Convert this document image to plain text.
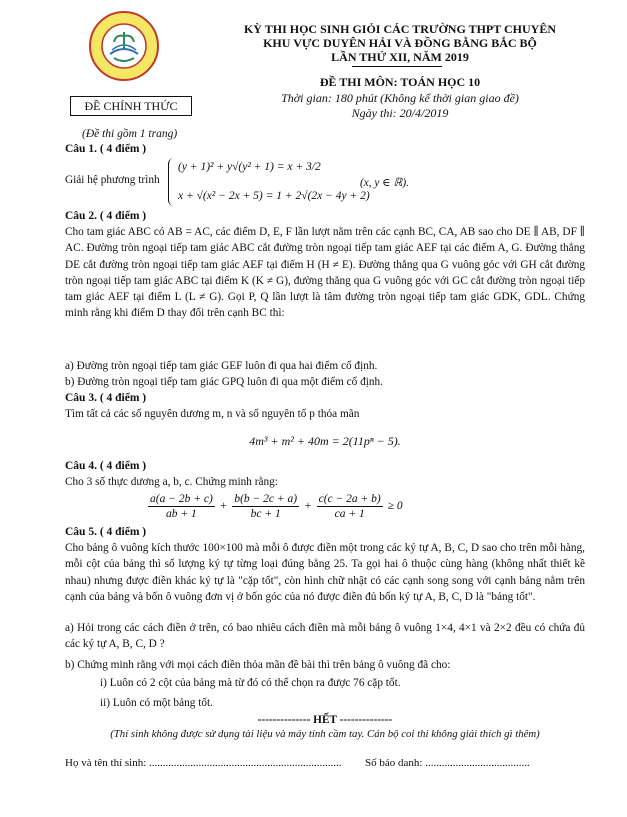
KỲ THI HỌC SINH GIỎI CÁC TRƯỜNG THPT CHUYÊN
KHU VỰC DUYÊN HẢI VÀ ĐỒNG BẰNG BẮC BỘ
LẦN THỨ XII, NĂM 2019
ĐỀ CHÍNH THỨC
ĐỀ THI MÔN: TOÁN HỌC 10
Thời gian: 180 phút (Không kể thời gian giao đề)
Ngày thi: 20/4/2019
(Đề thi gồm 1 trang)
Câu 1. ( 4 điểm )
Giải hệ phương trình
(y + 1)² + y√(y² + 1) = x + 3/2
x + √(x² − 2x + 5) = 1 + 2√(2x − 4y + 2)
(x, y ∈ ℝ).
Câu 2. ( 4 điểm )
Cho tam giác ABC có AB = AC, các điểm D, E, F lần lượt nằm trên các cạnh BC, CA, AB sao cho DE ∥ AB, DF ∥ AC. Đường tròn ngoại tiếp tam giác ABC cắt đường tròn ngoại tiếp tam giác AEF tại các điểm A, G. Đường thẳng DE cắt đường tròn ngoại tiếp tam giác AEF tại điểm H (H ≠ E). Đường thẳng qua G vuông góc với GH cắt đường tròn ngoại tiếp tam giác ABC tại điểm K (K ≠ G), đường thẳng qua G vuông góc với GC cắt đường tròn ngoại tiếp tam giác AEF tại điểm L (L ≠ G). Gọi P, Q lần lượt là tâm đường tròn ngoại tiếp tam giác GDK, GDL. Chứng minh rằng khi điểm D thay đổi trên cạnh BC thì:
a) Đường tròn ngoại tiếp tam giác GEF luôn đi qua hai điểm cố định.
b) Đường tròn ngoại tiếp tam giác GPQ luôn đi qua một điểm cố định.
Câu 3. ( 4 điểm )
Tìm tất cả các số nguyên dương m, n và số nguyên tố p thỏa mãn
4m³ + m² + 40m = 2(11pⁿ − 5).
Câu 4. ( 4 điểm )
Cho 3 số thực dương a, b, c. Chứng minh rằng:
$\frac{a(a - 2b + c)}{ab + 1} + \frac{b(b - 2c + a)}{bc + 1} + \frac{c(c - 2a + b)}{ca + 1} \ge 0$
Câu 5. ( 4 điểm )
Cho bảng ô vuông kích thước 100×100 mà mỗi ô được điền một trong các ký tự A, B, C, D sao cho trên mỗi hàng, mỗi cột của bảng thì số lượng ký tự từng loại đúng bằng 25. Ta gọi hai ô thuộc cùng hàng (không nhất thiết kề nhau) nhưng được điền khác ký tự là "cặp tốt", còn hình chữ nhật có các cạnh song song với cạnh bảng nằm trên cạnh của bảng và bốn ô vuông đơn vị ở bốn góc của nó được điền đủ bốn ký tự A, B, C, D là "bảng tốt".
a) Hỏi trong các cách điền ở trên, có bao nhiêu cách điền mà mỗi bảng ô vuông 1×4, 4×1 và 2×2 đều có chứa đủ các ký tự A, B, C, D ?
b) Chứng minh rằng với mọi cách điền thỏa mãn đề bài thì trên bảng ô vuông đã cho:
i) Luôn có 2 cột của bảng mà từ đó có thể chọn ra được 76 cặp tốt.
ii) Luôn có một bảng tốt.
-------------- HẾT --------------
(Thí sinh không được sử dụng tài liệu và máy tính cầm tay. Cán bộ coi thi không giải thích gì thêm)
Họ và tên thí sinh: ...................................................................... Số báo danh: ......................................
